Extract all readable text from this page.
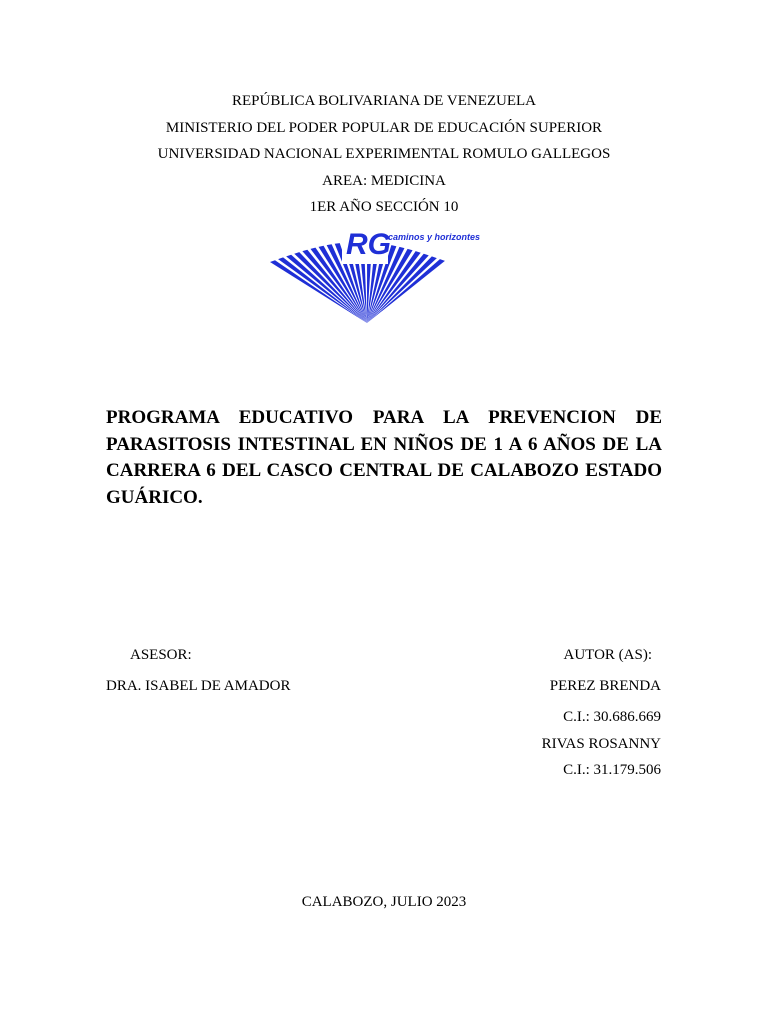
REPÚBLICA BOLIVARIANA DE VENEZUELA
MINISTERIO DEL PODER POPULAR DE EDUCACIÓN SUPERIOR
UNIVERSIDAD NACIONAL EXPERIMENTAL ROMULO GALLEGOS
AREA: MEDICINA
1ER AÑO SECCIÓN 10
RG
caminos y horizontes
PROGRAMA EDUCATIVO PARA LA PREVENCION DE PARASITOSIS INTESTINAL EN NIÑOS DE 1 A 6 AÑOS DE LA CARRERA 6 DEL CASCO CENTRAL DE CALABOZO ESTADO GUÁRICO.
ASESOR:
DRA. ISABEL DE AMADOR
AUTOR (AS):
PEREZ BRENDA
C.I.: 30.686.669
RIVAS ROSANNY
C.I.: 31.179.506
CALABOZO, JULIO 2023
